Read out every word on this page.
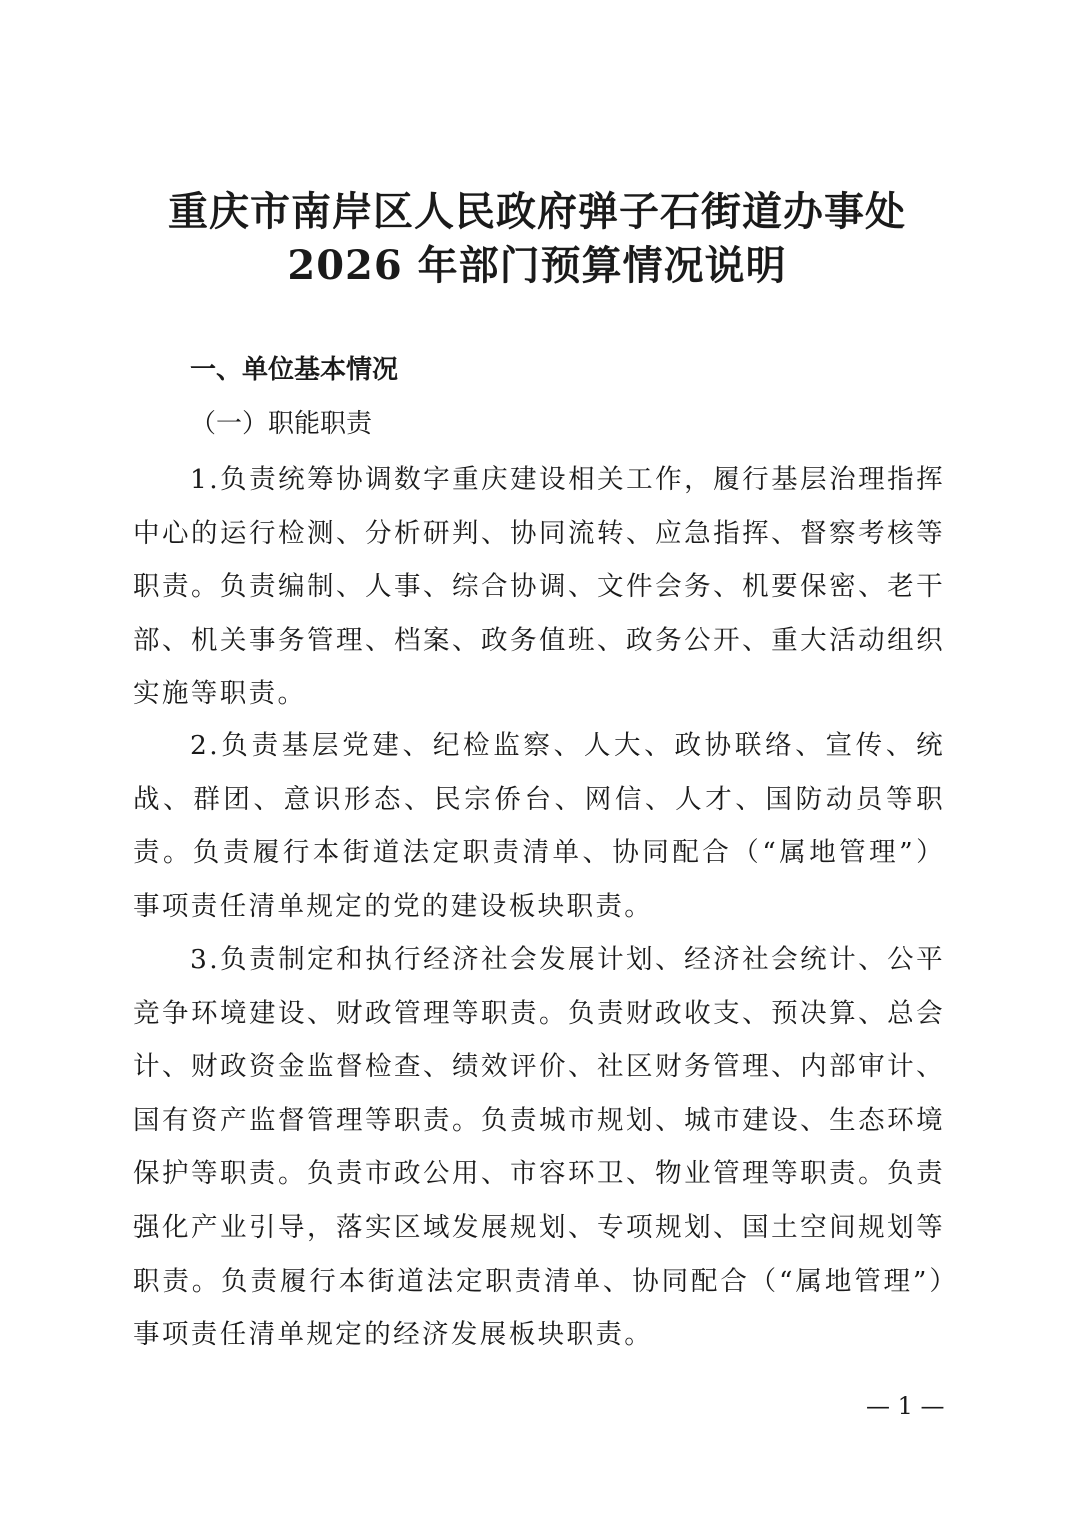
重庆市南岸区人民政府弹子石街道办事处
2026 年部门预算情况说明
一、单位基本情况
（一）职能职责

1.负责统筹协调数字重庆建设相关工作，履行基层治理指挥中心的运行检测、分析研判、协同流转、应急指挥、督察考核等职责。负责编制、人事、综合协调、文件会务、机要保密、老干部、机关事务管理、档案、政务值班、政务公开、重大活动组织实施等职责。

2.负责基层党建、纪检监察、人大、政协联络、宣传、统战、群团、意识形态、民宗侨台、网信、人才、国防动员等职责。负责履行本街道法定职责清单、协同配合（“属地管理”）事项责任清单规定的党的建设板块职责。

3.负责制定和执行经济社会发展计划、经济社会统计、公平竞争环境建设、财政管理等职责。负责财政收支、预决算、总会计、财政资金监督检查、绩效评价、社区财务管理、内部审计、国有资产监督管理等职责。负责城市规划、城市建设、生态环境保护等职责。负责市政公用、市容环卫、物业管理等职责。负责强化产业引导，落实区域发展规划、专项规划、国土空间规划等职责。负责履行本街道法定职责清单、协同配合（“属地管理”）事项责任清单规定的经济发展板块职责。

— 1 —
